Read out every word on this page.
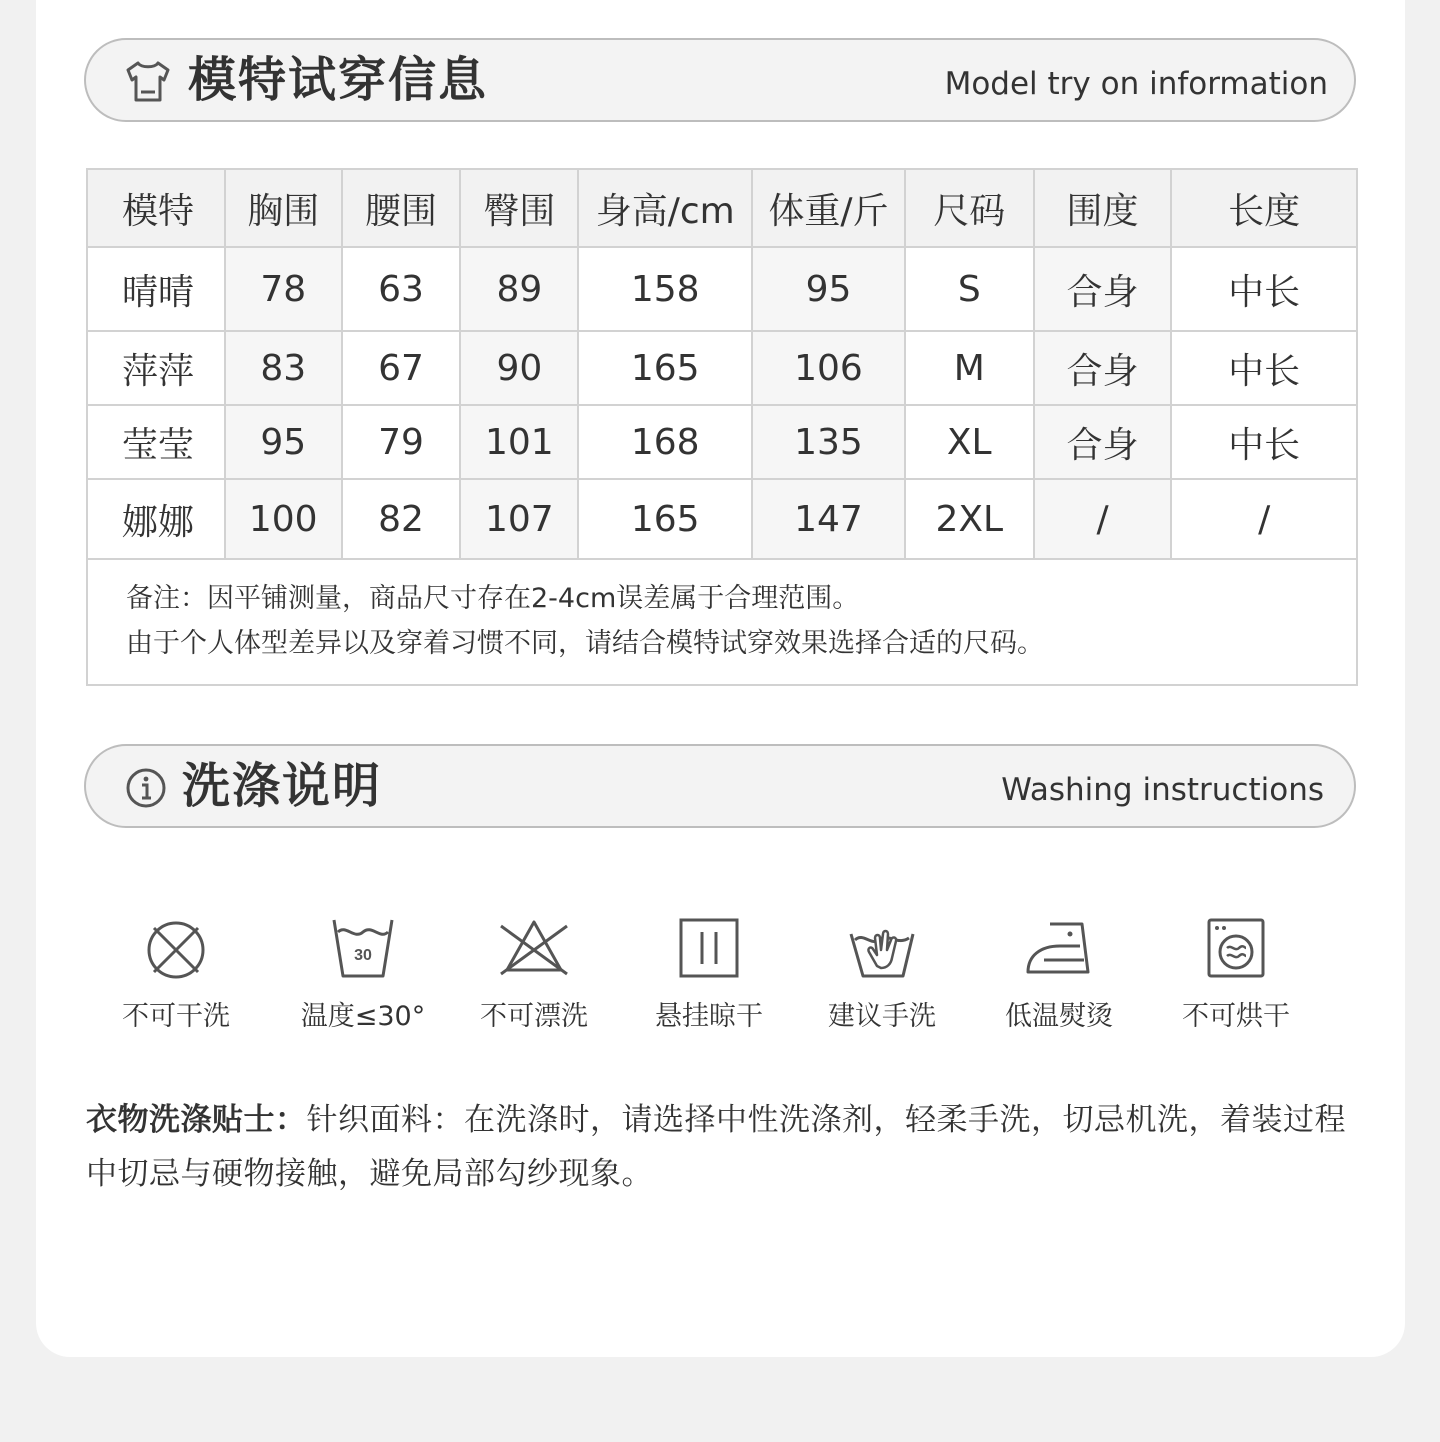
模特试穿信息	Model try on information
模特	胸围	腰围	臀围	身高/cm	体重/斤	尺码	围度	长度
晴晴	78	63	89	158	95	S	合身	中长
萍萍	83	67	90	165	106	M	合身	中长
莹莹	95	79	101	168	135	XL	合身	中长
娜娜	100	82	107	165	147	2XL	/	/
备注：因平铺测量，商品尺寸存在2-4cm误差属于合理范围。
由于个人体型差异以及穿着习惯不同，请结合模特试穿效果选择合适的尺码。
洗涤说明	Washing instructions
不可干洗
30
温度≤30°	不可漂洗	悬挂晾干	建议手洗	低温熨烫	不可烘干
衣物洗涤贴士：针织面料：在洗涤时，请选择中性洗涤剂，轻柔手洗，切忌机洗，着装过程中切忌与硬物接触，避免局部勾纱现象。
